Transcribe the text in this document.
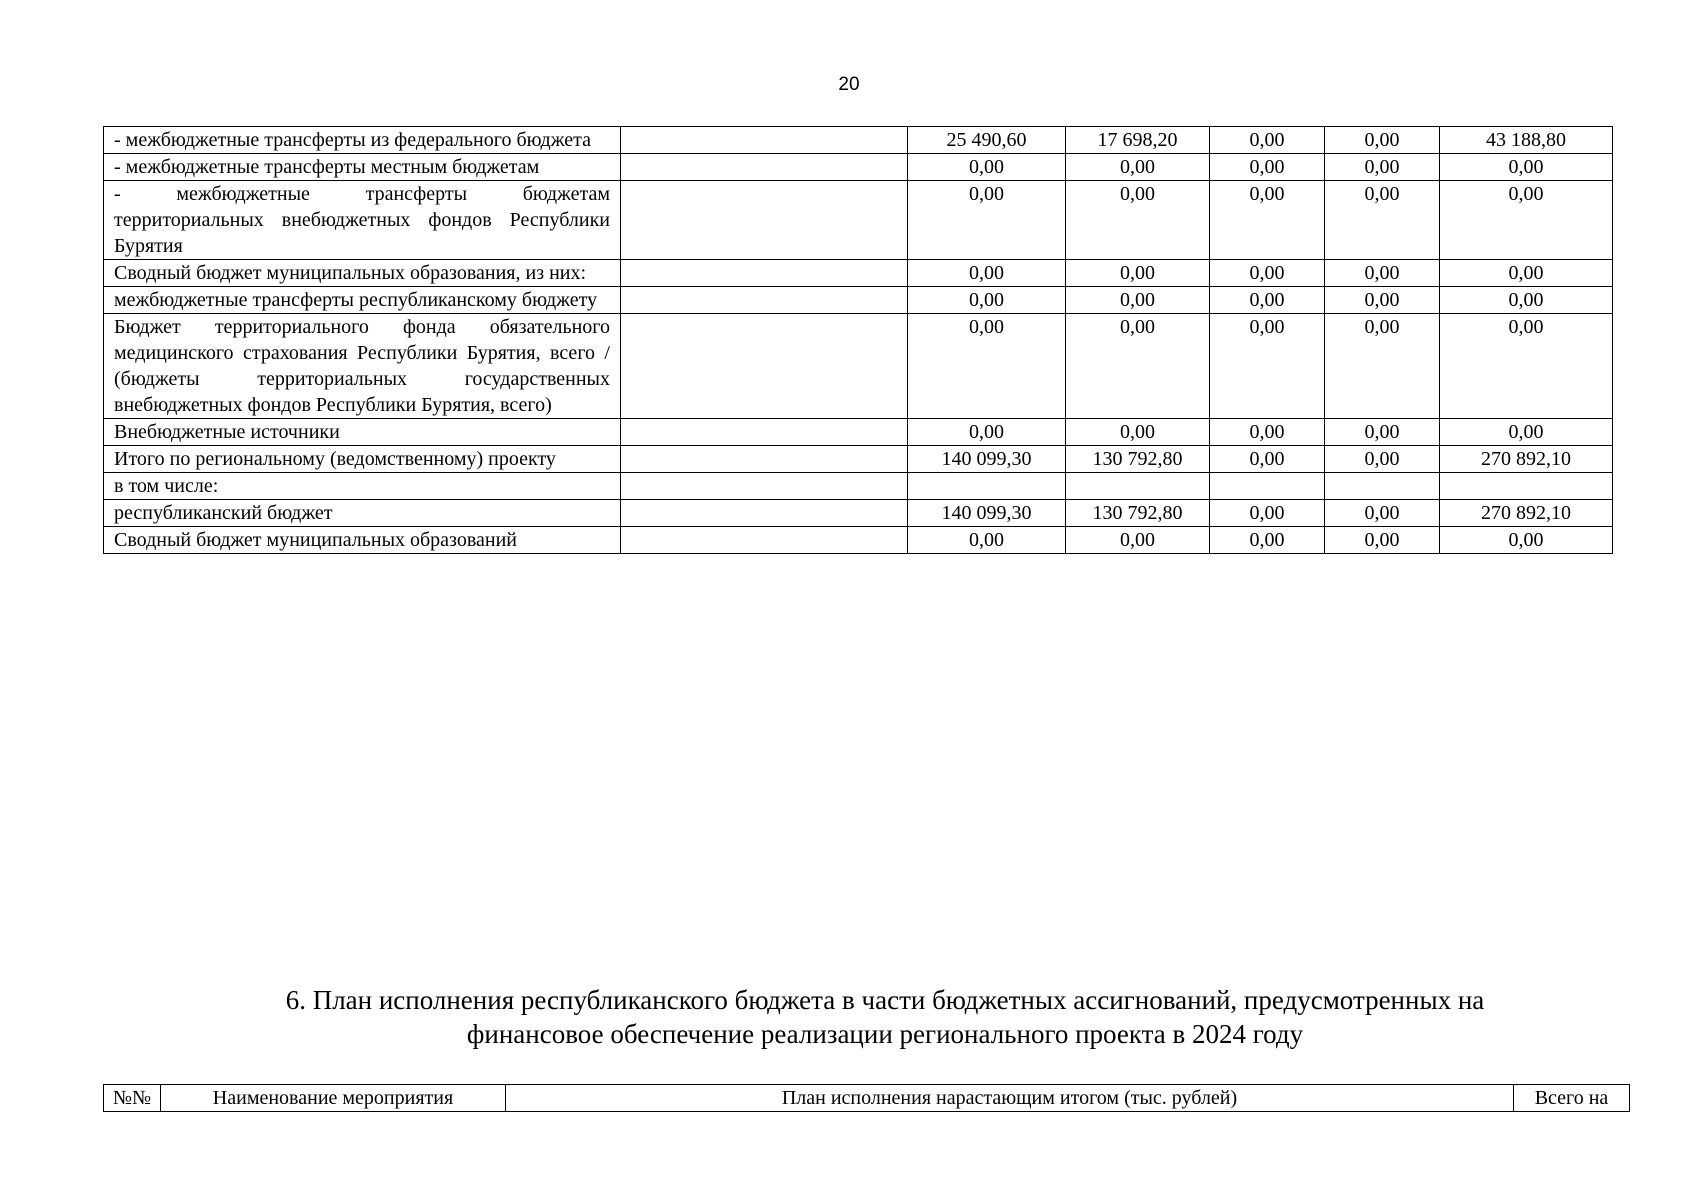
20
- межбюджетные трансферты из федерального бюджета		25 490,60	17 698,20	0,00	0,00	43 188,80
- межбюджетные трансферты местным бюджетам		0,00	0,00	0,00	0,00	0,00
- межбюджетные трансферты бюджетам территориальных внебюджетных фондов Республики Бурятия		0,00	0,00	0,00	0,00	0,00
Сводный бюджет муниципальных образования, из них:		0,00	0,00	0,00	0,00	0,00
межбюджетные трансферты республиканскому бюджету		0,00	0,00	0,00	0,00	0,00
Бюджет территориального фонда обязательного медицинского страхования Республики Бурятия, всего / (бюджеты территориальных государственных внебюджетных фондов Республики Бурятия, всего)		0,00	0,00	0,00	0,00	0,00
Внебюджетные источники		0,00	0,00	0,00	0,00	0,00
Итого по региональному (ведомственному) проекту		140 099,30	130 792,80	0,00	0,00	270 892,10
в том числе:						
республиканский бюджет		140 099,30	130 792,80	0,00	0,00	270 892,10
Сводный бюджет муниципальных образований		0,00	0,00	0,00	0,00	0,00
6. План исполнения республиканского бюджета в части бюджетных ассигнований, предусмотренных на
финансовое обеспечение реализации регионального проекта в 2024 году
№№	Наименование мероприятия	План исполнения нарастающим итогом (тыс. рублей)	Всего на
